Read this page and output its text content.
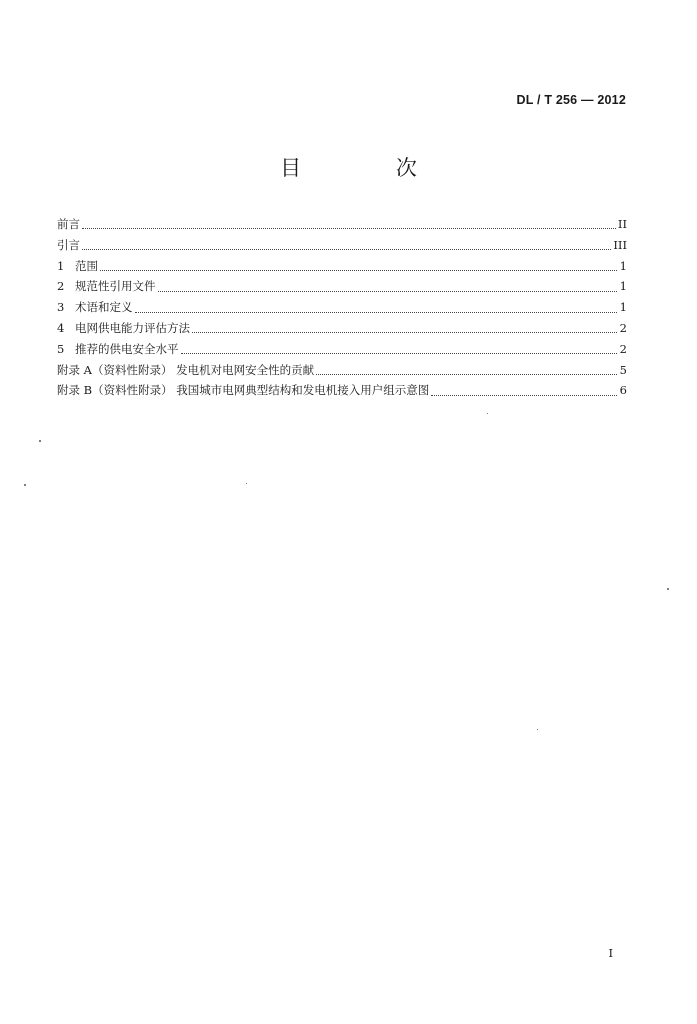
DL / T 256 — 2012
目 次
前言	II
引言	III
1 范围	1
2 规范性引用文件	1
3 术语和定义	1
4 电网供电能力评估方法	2
5 推荐的供电安全水平	2
附录 A（资料性附录） 发电机对电网安全性的贡献	5
附录 B（资料性附录） 我国城市电网典型结构和发电机接入用户组示意图	6
I
